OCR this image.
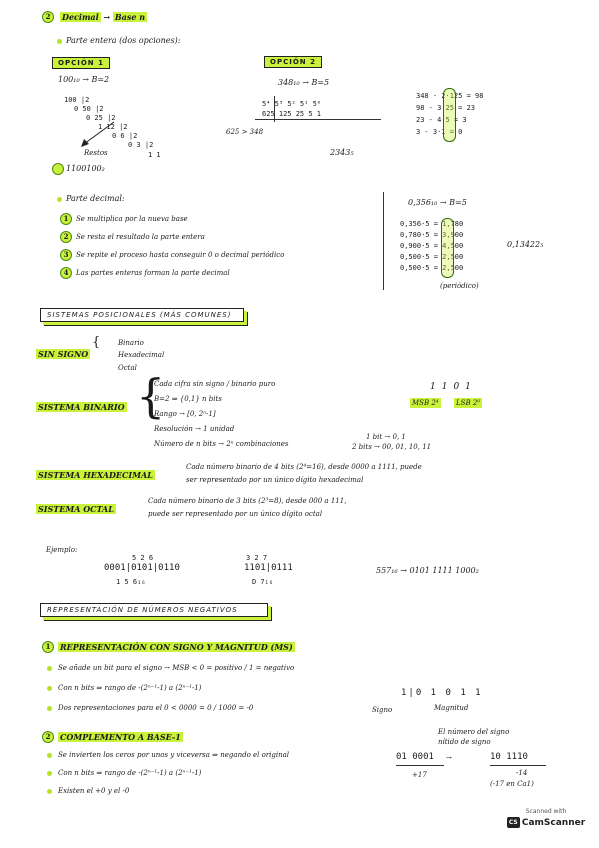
2	Decimal → Base n
Parte entera (dos opciones):
OPCIÓN 1
100₁₀ → B=2
100 |2
0 50 |2
0 25 |2
1 12 |2
0 6 |2
0 3 |2
1 1
Restos
1100100₂
OPCIÓN 2
348₁₀ → B=5
5⁴ 5³ 5² 5¹ 5⁰
625 125 25 5 1
625 > 348
2343₅
348 - 2·125 = 98
98 - 3·25 = 23
23 - 4·5 = 3
3 - 3·1 = 0
Parte decimal:
1	Se multiplica por la nueva base
2	Se resta el resultado la parte entera
3	Se repite el proceso hasta conseguir 0 o decimal periódico
4	Las partes enteras forman la parte decimal
0,356₁₀ → B=5
0,356·5 = 1,780
0,780·5 = 3,900
0,900·5 = 4,500
0,500·5 = 2,500
0,500·5 = 2,500
0,13422₅
(periódico)
SISTEMAS POSICIONALES (MÁS COMUNES)
SIN SIGNO
{	Binario
Hexadecimal
Octal
SISTEMA BINARIO {
Cada cifra sin signo / binario puro
B=2 ⇒ {0,1} n bits
Rango → [0, 2ⁿ-1]
Resolución → 1 unidad
Número de n bits → 2ⁿ combinaciones
1 bit → 0, 1
2 bits → 00, 01, 10, 11
1101
MSB 2⁴ LSB 2⁰
SISTEMA HEXADECIMAL
Cada número binario de 4 bits (2⁴=16), desde 0000 a 1111, puede
ser representado por un único dígito hexadecimal
SISTEMA OCTAL
Cada número binario de 3 bits (2³=8), desde 000 a 111,
puede ser representado por un único dígito octal
Ejemplo:
5 2 6
0001|0101|0110
1 5 6₁₆
3 2 7
1101|0111
D 7₁₆
557₁₆ → 0101 1111 1000₂
REPRESENTACIÓN DE NÚMEROS NEGATIVOS
1	REPRESENTACIÓN CON SIGNO Y MAGNITUD (MS)
Se añade un bit para el signo → MSB < 0 = positivo / 1 = negativo
Con n bits ⇒ rango de -(2ⁿ⁻¹-1) a (2ⁿ⁻¹-1)
Dos representaciones para el 0 < 0000 = 0 / 1000 = -0
1|0 1 0 1 1
Signo	Magnitud
2	COMPLEMENTO A BASE-1
Se invierten los ceros por unos y viceversa ⇒ negando el original
Con n bits ⇒ rango de -(2ⁿ⁻¹-1) a (2ⁿ⁻¹-1)
Existen el +0 y el -0
El número del signo nítido de signo
01 0001 →	10 1110
+17	-14
(-17 en Ca1)
Scanned with
CS CamScanner
